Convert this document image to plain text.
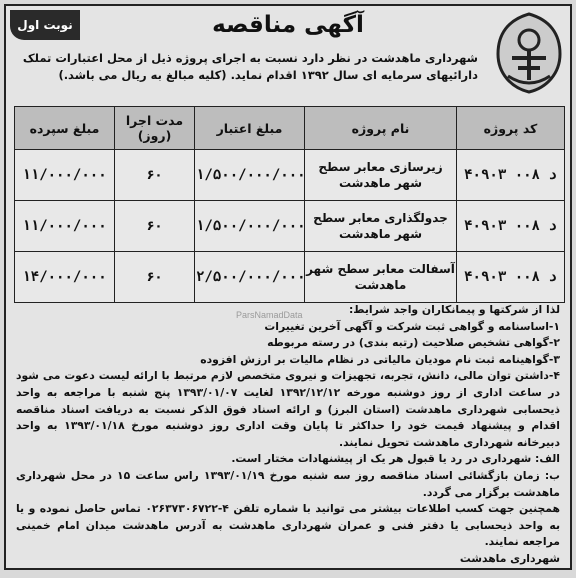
نوبت اول	آگهی مناقصه
شهرداری ماهدشت در نظر دارد نسبت به اجرای پروژه ذیل از محل اعتبارات تملک دارائیهای سرمایه ای سال ۱۳۹۲ اقدام نماید. (کلیه مبالغ به ریال می باشد.)
کد پروژه	نام پروژه	مبلغ اعتبار	مدت اجرا (روز)	مبلغ سپرده
۴۰۹۰۳ د ۰۰۸	زیرسازی معابر سطح شهر ماهدشت	۱/۵۰۰/۰۰۰/۰۰۰	۶۰	۱۱/۰۰۰/۰۰۰
۴۰۹۰۳ د ۰۰۸	جدولگذاری معابر سطح شهر ماهدشت	۱/۵۰۰/۰۰۰/۰۰۰	۶۰	۱۱/۰۰۰/۰۰۰
۴۰۹۰۳ د ۰۰۸	آسفالت معابر سطح شهر ماهدشت	۲/۵۰۰/۰۰۰/۰۰۰	۶۰	۱۴/۰۰۰/۰۰۰
ParsNamadData	لذا از شرکتها و پیمانکاران واجد شرایط:

۱-اساسنامه و گواهی ثبت شرکت و آگهی آخرین تغییرات

۲-گواهی تشخیص صلاحیت (رتبه بندی) در رسته مربوطه

۳-گواهینامه ثبت نام مودیان مالیاتی در نظام مالیات بر ارزش افزوده

۴-داشتن توان مالی، دانش، تجربه، تجهیزات و نیروی متخصص لازم مرتبط با ارائه لیست دعوت می شود در ساعت اداری از روز دوشنبه مورخه ۱۳۹۲/۱۲/۱۲ لغایت ۱۳۹۳/۰۱/۰۷ پنج شنبه با مراجعه به واحد ذیحسابی شهرداری ماهدشت (استان البرز) و ارائه اسناد فوق الذکر نسبت به دریافت اسناد مناقصه اقدام و پیشنهاد قیمت خود را حداکثر تا پایان وقت اداری روز دوشنبه مورخ ۱۳۹۳/۰۱/۱۸ به واحد دبیرخانه شهرداری ماهدشت تحویل نمایند.

الف: شهرداری در رد یا قبول هر یک از پیشنهادات مختار است.

ب: زمان بازگشائی اسناد مناقصه روز سه شنبه مورخ ۱۳۹۳/۰۱/۱۹ راس ساعت ۱۵ در محل شهرداری ماهدشت برگزار می گردد.

همچنین جهت کسب اطلاعات بیشتر می توانید با شماره تلفن ۴-۰۲۶۳۷۳۰۶۷۲۲ تماس حاصل نموده و یا به واحد ذیحسابی یا دفتر فنی و عمران شهرداری ماهدشت به آدرس ماهدشت میدان امام خمینی مراجعه نمایند.

شهرداری ماهدشت
